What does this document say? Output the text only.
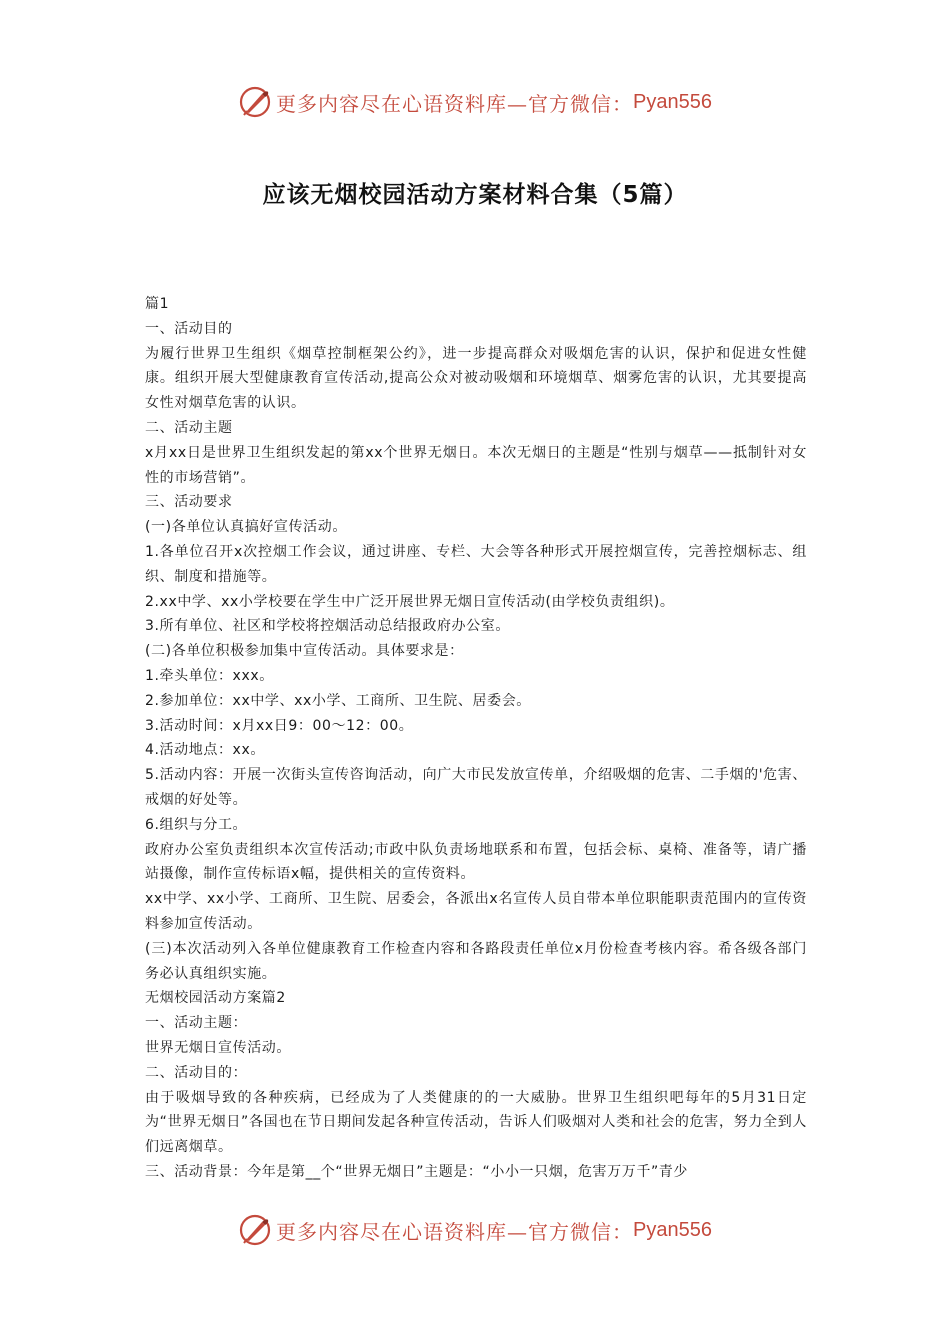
更多内容尽在心语资料库—官方微信： Pyan556
应该无烟校园活动方案材料合集（5篇）

篇1

一、活动目的

为履行世界卫生组织《烟草控制框架公约》，进一步提高群众对吸烟危害的认识，保护和促进女性健康。组织开展大型健康教育宣传活动,提高公众对被动吸烟和环境烟草、烟雾危害的认识，尤其要提高女性对烟草危害的认识。

二、活动主题

x月xx日是世界卫生组织发起的第xx个世界无烟日。本次无烟日的主题是“性别与烟草——抵制针对女性的市场营销”。

三、活动要求

(一)各单位认真搞好宣传活动。

1.各单位召开x次控烟工作会议，通过讲座、专栏、大会等各种形式开展控烟宣传，完善控烟标志、组织、制度和措施等。

2.xx中学、xx小学校要在学生中广泛开展世界无烟日宣传活动(由学校负责组织)。

3.所有单位、社区和学校将控烟活动总结报政府办公室。

(二)各单位积极参加集中宣传活动。具体要求是：

1.牵头单位：xxx。

2.参加单位：xx中学、xx小学、工商所、卫生院、居委会。

3.活动时间：x月xx日9：00～12：00。

4.活动地点：xx。

5.活动内容：开展一次街头宣传咨询活动，向广大市民发放宣传单，介绍吸烟的危害、二手烟的'危害、戒烟的好处等。

6.组织与分工。

政府办公室负责组织本次宣传活动;市政中队负责场地联系和布置，包括会标、桌椅、准备等，请广播站摄像，制作宣传标语x幅，提供相关的宣传资料。

xx中学、xx小学、工商所、卫生院、居委会，各派出x名宣传人员自带本单位职能职责范围内的宣传资料参加宣传活动。

(三)本次活动列入各单位健康教育工作检查内容和各路段责任单位x月份检查考核内容。希各级各部门务必认真组织实施。

无烟校园活动方案篇2

一、活动主题：

世界无烟日宣传活动。

二、活动目的：

由于吸烟导致的各种疾病，已经成为了人类健康的的一大威胁。世界卫生组织吧每年的5月31日定为“世界无烟日”各国也在节日期间发起各种宣传活动，告诉人们吸烟对人类和社会的危害，努力全到人们远离烟草。

三、活动背景：今年是第__个“世界无烟日”主题是：“小小一只烟，危害万万千”青少

更多内容尽在心语资料库—官方微信： Pyan556
